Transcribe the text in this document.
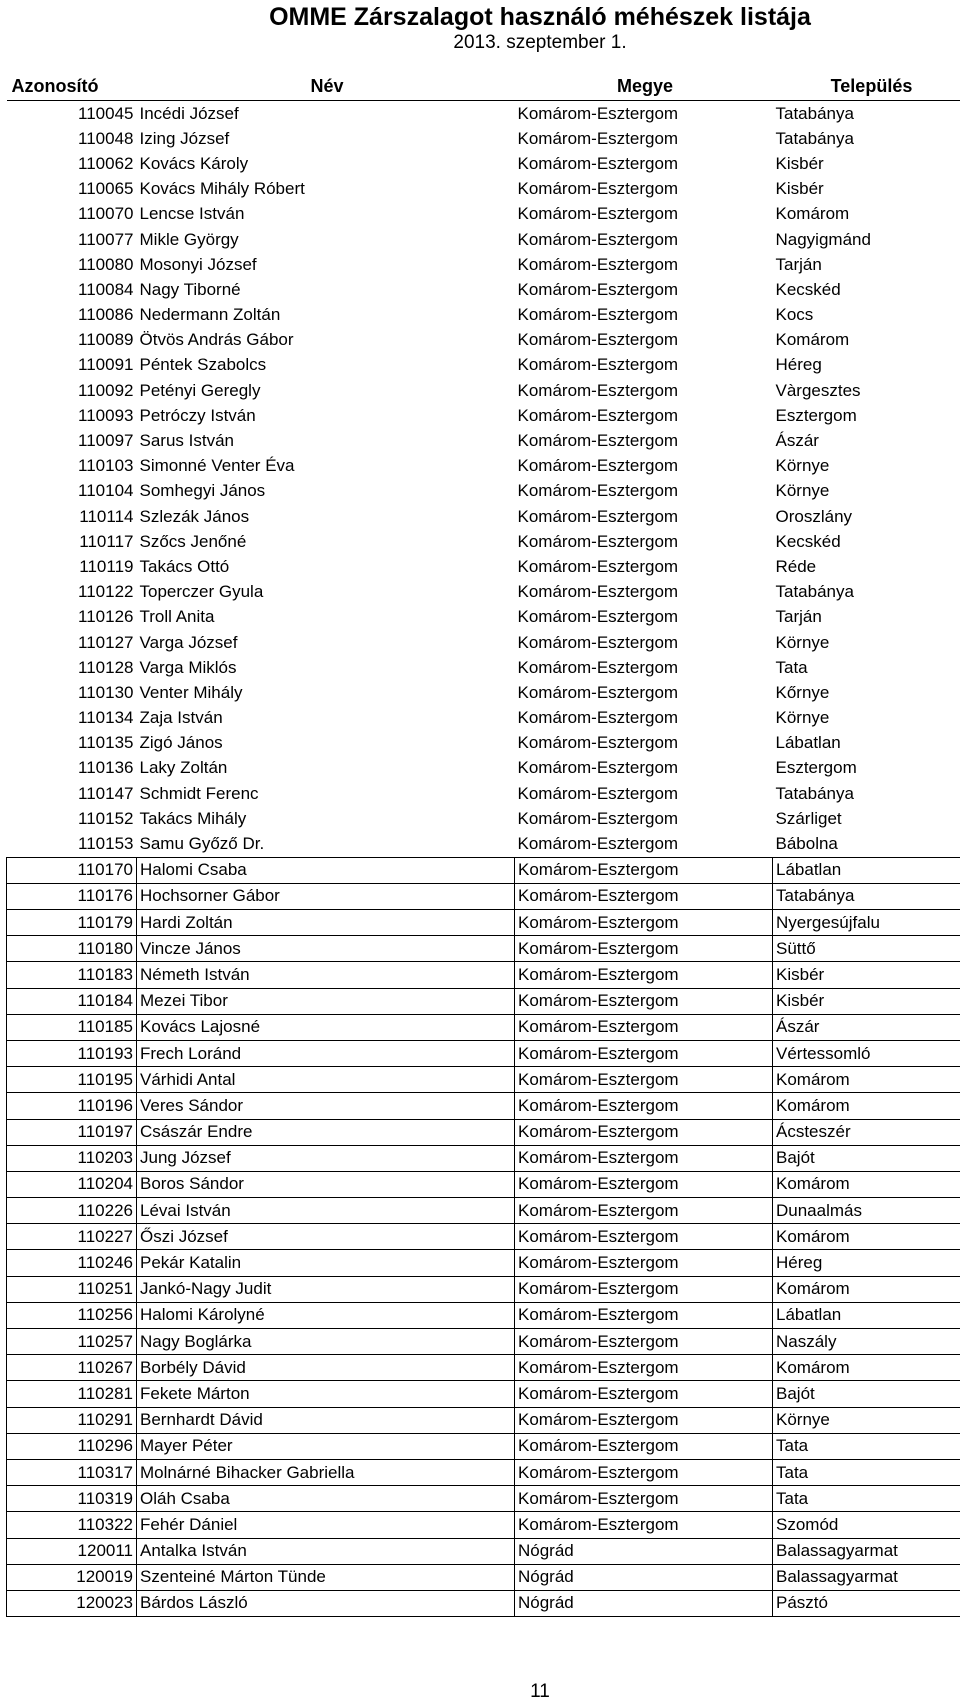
OMME Zárszalagot használó méhészek listája
2013. szeptember 1.
Azonosító	Név	Megye	Település
110045	Incédi József	Komárom-Esztergom	Tatabánya
110048	Izing József	Komárom-Esztergom	Tatabánya
110062	Kovács Károly	Komárom-Esztergom	Kisbér
110065	Kovács Mihály Róbert	Komárom-Esztergom	Kisbér
110070	Lencse István	Komárom-Esztergom	Komárom
110077	Mikle György	Komárom-Esztergom	Nagyigmánd
110080	Mosonyi József	Komárom-Esztergom	Tarján
110084	Nagy Tiborné	Komárom-Esztergom	Kecskéd
110086	Nedermann Zoltán	Komárom-Esztergom	Kocs
110089	Ötvös András Gábor	Komárom-Esztergom	Komárom
110091	Péntek Szabolcs	Komárom-Esztergom	Héreg
110092	Petényi Geregly	Komárom-Esztergom	Vàrgesztes
110093	Petróczy István	Komárom-Esztergom	Esztergom
110097	Sarus István	Komárom-Esztergom	Ászár
110103	Simonné Venter Éva	Komárom-Esztergom	Környe
110104	Somhegyi János	Komárom-Esztergom	Környe
110114	Szlezák János	Komárom-Esztergom	Oroszlány
110117	Szőcs Jenőné	Komárom-Esztergom	Kecskéd
110119	Takács Ottó	Komárom-Esztergom	Réde
110122	Toperczer Gyula	Komárom-Esztergom	Tatabánya
110126	Troll Anita	Komárom-Esztergom	Tarján
110127	Varga József	Komárom-Esztergom	Környe
110128	Varga Miklós	Komárom-Esztergom	Tata
110130	Venter Mihály	Komárom-Esztergom	Kőrnye
110134	Zaja István	Komárom-Esztergom	Környe
110135	Zigó János	Komárom-Esztergom	Lábatlan
110136	Laky Zoltán	Komárom-Esztergom	Esztergom
110147	Schmidt Ferenc	Komárom-Esztergom	Tatabánya
110152	Takács Mihály	Komárom-Esztergom	Szárliget
110153	Samu Győző Dr.	Komárom-Esztergom	Bábolna
110170	Halomi Csaba	Komárom-Esztergom	Lábatlan
110176	Hochsorner Gábor	Komárom-Esztergom	Tatabánya
110179	Hardi Zoltán	Komárom-Esztergom	Nyergesújfalu
110180	Vincze János	Komárom-Esztergom	Süttő
110183	Németh István	Komárom-Esztergom	Kisbér
110184	Mezei Tibor	Komárom-Esztergom	Kisbér
110185	Kovács Lajosné	Komárom-Esztergom	Ászár
110193	Frech Loránd	Komárom-Esztergom	Vértessomló
110195	Várhidi Antal	Komárom-Esztergom	Komárom
110196	Veres Sándor	Komárom-Esztergom	Komárom
110197	Császár Endre	Komárom-Esztergom	Ácsteszér
110203	Jung József	Komárom-Esztergom	Bajót
110204	Boros Sándor	Komárom-Esztergom	Komárom
110226	Lévai István	Komárom-Esztergom	Dunaalmás
110227	Őszi József	Komárom-Esztergom	Komárom
110246	Pekár Katalin	Komárom-Esztergom	Héreg
110251	Jankó-Nagy Judit	Komárom-Esztergom	Komárom
110256	Halomi Károlyné	Komárom-Esztergom	Lábatlan
110257	Nagy Boglárka	Komárom-Esztergom	Naszály
110267	Borbély Dávid	Komárom-Esztergom	Komárom
110281	Fekete Márton	Komárom-Esztergom	Bajót
110291	Bernhardt Dávid	Komárom-Esztergom	Környe
110296	Mayer Péter	Komárom-Esztergom	Tata
110317	Molnárné Bihacker Gabriella	Komárom-Esztergom	Tata
110319	Oláh Csaba	Komárom-Esztergom	Tata
110322	Fehér Dániel	Komárom-Esztergom	Szomód
120011	Antalka István	Nógrád	Balassagyarmat
120019	Szenteiné Márton Tünde	Nógrád	Balassagyarmat
120023	Bárdos László	Nógrád	Pásztó
11
